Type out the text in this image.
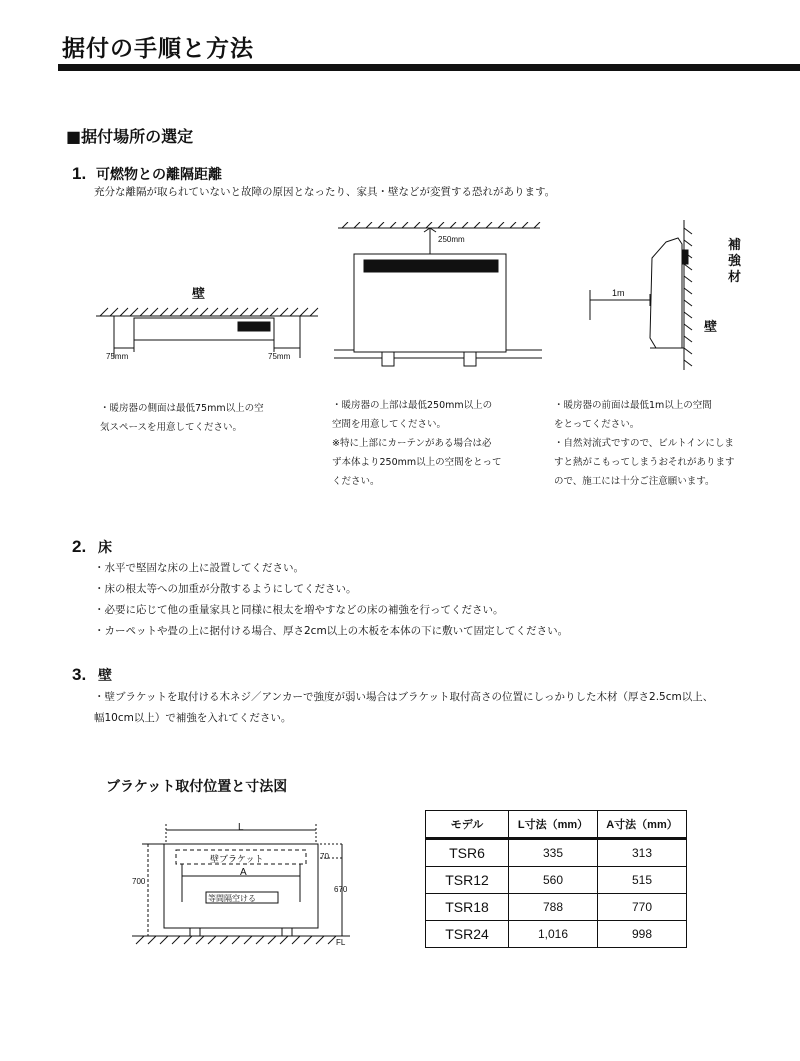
据付の手順と方法
■据付場所の選定
1. 可燃物との離隔距離
充分な離隔が取られていないと故障の原因となったり、家具・壁などが変質する恐れがあります。
壁
75mm	75mm
250mm
1m
壁
補強材
・暖房器の側面は最低75mm以上の空
気スペースを用意してください。
・暖房器の上部は最低250mm以上の
空間を用意してください。
※特に上部にカーテンがある場合は必
ず本体より250mm以上の空間をとって
ください。
・暖房器の前面は最低1m以上の空間
をとってください。
・自然対流式ですので、ビルトインにしま
すと熱がこもってしまうおそれがあります
ので、施工には十分ご注意願います。
2. 床
・水平で堅固な床の上に設置してください。
・床の根太等への加重が分散するようにしてください。
・必要に応じて他の重量家具と同様に根太を増やすなどの床の補強を行ってください。
・カーペットや畳の上に据付ける場合、厚さ2cm以上の木板を本体の下に敷いて固定してください。
3. 壁
・壁ブラケットを取付ける木ネジ／アンカーで強度が弱い場合はブラケット取付高さの位置にしっかりした木材（厚さ2.5cm以上、
幅10cm以上）で補強を入れてください。
ブラケット取付位置と寸法図
L
壁ブラケット
A
等間隔空ける
700
70
670
FL
モデル	L寸法（mm）	A寸法（mm）
TSR6	335	313
TSR12	560	515
TSR18	788	770
TSR24	1,016	998
